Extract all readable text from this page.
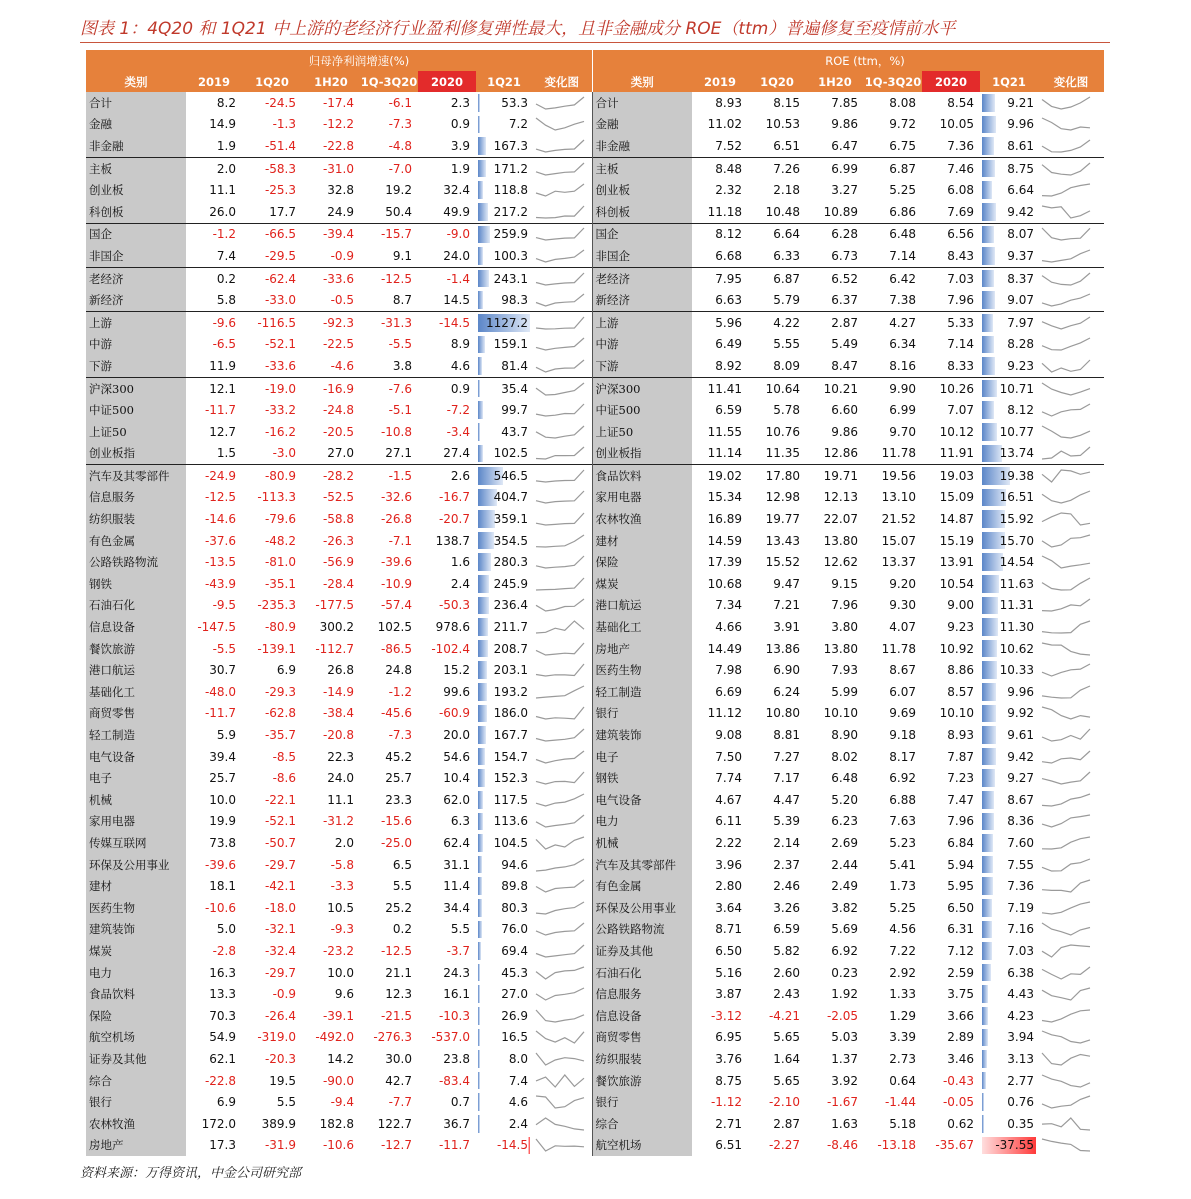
图表 1：4Q20 和 1Q21 中上游的老经济行业盈利修复弹性最大，且非金融成分 ROE（ttm）普遍修复至疫情前水平
	归母净利润增速(%)								ROE (ttm，%)						
类别	2019	1Q20	1H20	1Q-3Q20	2020	1Q21	变化图	类别	2019	1Q20	1H20	1Q-3Q20	2020	1Q21	变化图
合计	8.2	-24.5	-17.4	-6.1	2.3	53.3		合计	8.93	8.15	7.85	8.08	8.54	9.21	

金融	14.9	-1.3	-12.2	-7.3	0.9	7.2		金融	11.02	10.53	9.86	9.72	10.05	9.96	

非金融	1.9	-51.4	-22.8	-4.8	3.9	167.3		非金融	7.52	6.51	6.47	6.75	7.36	8.61	

主板	2.0	-58.3	-31.0	-7.0	1.9	171.2		主板	8.48	7.26	6.99	6.87	7.46	8.75	

创业板	11.1	-25.3	32.8	19.2	32.4	118.8		创业板	2.32	2.18	3.27	5.25	6.08	6.64	

科创板	26.0	17.7	24.9	50.4	49.9	217.2		科创板	11.18	10.48	10.89	6.86	7.69	9.42	

国企	-1.2	-66.5	-39.4	-15.7	-9.0	259.9		国企	8.12	6.64	6.28	6.48	6.56	8.07	

非国企	7.4	-29.5	-0.9	9.1	24.0	100.3		非国企	6.68	6.33	6.73	7.14	8.43	9.37	

老经济	0.2	-62.4	-33.6	-12.5	-1.4	243.1		老经济	7.95	6.87	6.52	6.42	7.03	8.37	

新经济	5.8	-33.0	-0.5	8.7	14.5	98.3		新经济	6.63	5.79	6.37	7.38	7.96	9.07	

上游	-9.6	-116.5	-92.3	-31.3	-14.5	1127.2		上游	5.96	4.22	2.87	4.27	5.33	7.97	

中游	-6.5	-52.1	-22.5	-5.5	8.9	159.1		中游	6.49	5.55	5.49	6.34	7.14	8.28	

下游	11.9	-33.6	-4.6	3.8	4.6	81.4		下游	8.92	8.09	8.47	8.16	8.33	9.23	

沪深300	12.1	-19.0	-16.9	-7.6	0.9	35.4		沪深300	11.41	10.64	10.21	9.90	10.26	10.71	

中证500	-11.7	-33.2	-24.8	-5.1	-7.2	99.7		中证500	6.59	5.78	6.60	6.99	7.07	8.12	

上证50	12.7	-16.2	-20.5	-10.8	-3.4	43.7		上证50	11.55	10.76	9.86	9.70	10.12	10.77	

创业板指	1.5	-3.0	27.0	27.1	27.4	102.5		创业板指	11.14	11.35	12.86	11.78	11.91	13.74	

汽车及其零部件	-24.9	-80.9	-28.2	-1.5	2.6	546.5		食品饮料	19.02	17.80	19.71	19.56	19.03	19.38	

信息服务	-12.5	-113.3	-52.5	-32.6	-16.7	404.7		家用电器	15.34	12.98	12.13	13.10	15.09	16.51	

纺织服装	-14.6	-79.6	-58.8	-26.8	-20.7	359.1		农林牧渔	16.89	19.77	22.07	21.52	14.87	15.92	

有色金属	-37.6	-48.2	-26.3	-7.1	138.7	354.5		建材	14.59	13.43	13.80	15.07	15.19	15.70	

公路铁路物流	-13.5	-81.0	-56.9	-39.6	1.6	280.3		保险	17.39	15.52	12.62	13.37	13.91	14.54	

钢铁	-43.9	-35.1	-28.4	-10.9	2.4	245.9		煤炭	10.68	9.47	9.15	9.20	10.54	11.63	

石油石化	-9.5	-235.3	-177.5	-57.4	-50.3	236.4		港口航运	7.34	7.21	7.96	9.30	9.00	11.31	

信息设备	-147.5	-80.9	300.2	102.5	978.6	211.7		基础化工	4.66	3.91	3.80	4.07	9.23	11.30	

餐饮旅游	-5.5	-139.1	-112.7	-86.5	-102.4	208.7		房地产	14.49	13.86	13.80	11.78	10.92	10.62	

港口航运	30.7	6.9	26.8	24.8	15.2	203.1		医药生物	7.98	6.90	7.93	8.67	8.86	10.33	

基础化工	-48.0	-29.3	-14.9	-1.2	99.6	193.2		轻工制造	6.69	6.24	5.99	6.07	8.57	9.96	

商贸零售	-11.7	-62.8	-38.4	-45.6	-60.9	186.0		银行	11.12	10.80	10.10	9.69	10.10	9.92	

轻工制造	5.9	-35.7	-20.8	-7.3	20.0	167.7		建筑装饰	9.08	8.81	8.90	9.18	8.93	9.61	

电气设备	39.4	-8.5	22.3	45.2	54.6	154.7		电子	7.50	7.27	8.02	8.17	7.87	9.42	

电子	25.7	-8.6	24.0	25.7	10.4	152.3		钢铁	7.74	7.17	6.48	6.92	7.23	9.27	

机械	10.0	-22.1	11.1	23.3	62.0	117.5		电气设备	4.67	4.47	5.20	6.88	7.47	8.67	

家用电器	19.9	-52.1	-31.2	-15.6	6.3	113.6		电力	6.11	5.39	6.23	7.63	7.96	8.36	

传媒互联网	73.8	-50.7	2.0	-25.0	62.4	104.5		机械	2.22	2.14	2.69	5.23	6.84	7.60	

环保及公用事业	-39.6	-29.7	-5.8	6.5	31.1	94.6		汽车及其零部件	3.96	2.37	2.44	5.41	5.94	7.55	

建材	18.1	-42.1	-3.3	5.5	11.4	89.8		有色金属	2.80	2.46	2.49	1.73	5.95	7.36	

医药生物	-10.6	-18.0	10.5	25.2	34.4	80.3		环保及公用事业	3.64	3.26	3.82	5.25	6.50	7.19	

建筑装饰	5.0	-32.1	-9.3	0.2	5.5	76.0		公路铁路物流	8.71	6.59	5.69	4.56	6.31	7.16	

煤炭	-2.8	-32.4	-23.2	-12.5	-3.7	69.4		证券及其他	6.50	5.82	6.92	7.22	7.12	7.03	

电力	16.3	-29.7	10.0	21.1	24.3	45.3		石油石化	5.16	2.60	0.23	2.92	2.59	6.38	

食品饮料	13.3	-0.9	9.6	12.3	16.1	27.0		信息服务	3.87	2.43	1.92	1.33	3.75	4.43	

保险	70.3	-26.4	-39.1	-21.5	-10.3	26.9		信息设备	-3.12	-4.21	-2.05	1.29	3.66	4.23	

航空机场	54.9	-319.0	-492.0	-276.3	-537.0	16.5		商贸零售	6.95	5.65	5.03	3.39	2.89	3.94	

证券及其他	62.1	-20.3	14.2	30.0	23.8	8.0		纺织服装	3.76	1.64	1.37	2.73	3.46	3.13	

综合	-22.8	19.5	-90.0	42.7	-83.4	7.4		餐饮旅游	8.75	5.65	3.92	0.64	-0.43	2.77	

银行	6.9	5.5	-9.4	-7.7	0.7	4.6		银行	-1.12	-2.10	-1.67	-1.44	-0.05	0.76	

农林牧渔	172.0	389.9	182.8	122.7	36.7	2.4		综合	2.71	2.87	1.63	5.18	0.62	0.35	

房地产	17.3	-31.9	-10.6	-12.7	-11.7	-14.5		航空机场	6.51	-2.27	-8.46	-13.18	-35.67	-37.55	
资料来源：万得资讯，中金公司研究部
